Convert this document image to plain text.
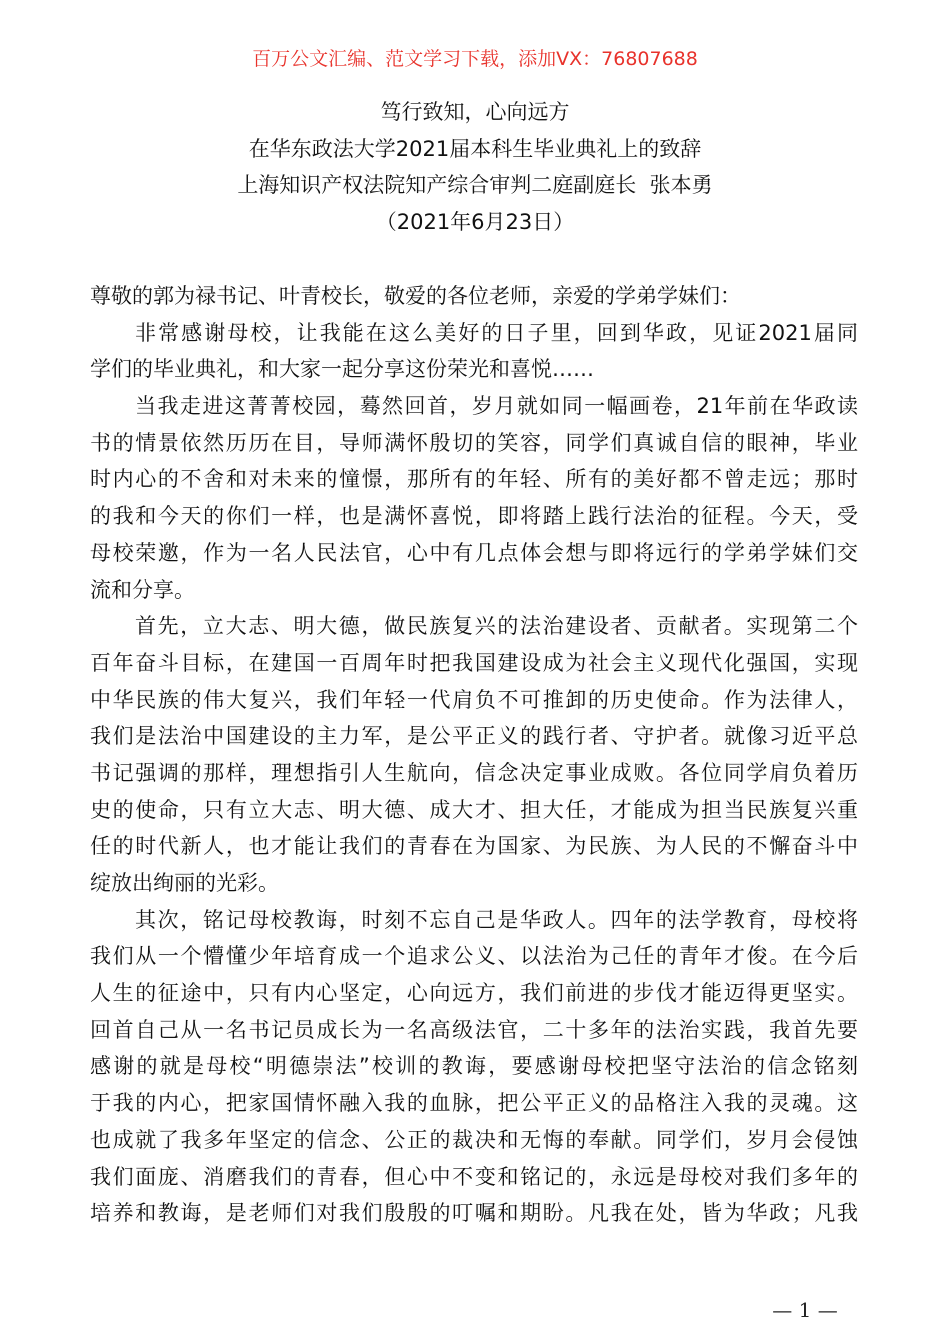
百万公文汇编、范文学习下载，添加VX：76807688
笃行致知，心向远方
在华东政法大学2021届本科生毕业典礼上的致辞
上海知识产权法院知产综合审判二庭副庭长  张本勇
（2021年6月23日）
尊敬的郭为禄书记、叶青校长，敬爱的各位老师，亲爱的学弟学妹们：
非常感谢母校，让我能在这么美好的日子里，回到华政，见证2021届同
学们的毕业典礼，和大家一起分享这份荣光和喜悦……
当我走进这菁菁校园，蓦然回首，岁月就如同一幅画卷，21年前在华政读
书的情景依然历历在目，导师满怀殷切的笑容，同学们真诚自信的眼神，毕业
时内心的不舍和对未来的憧憬，那所有的年轻、所有的美好都不曾走远；那时
的我和今天的你们一样，也是满怀喜悦，即将踏上践行法治的征程。今天，受
母校荣邀，作为一名人民法官，心中有几点体会想与即将远行的学弟学妹们交
流和分享。
首先，立大志、明大德，做民族复兴的法治建设者、贡献者。实现第二个
百年奋斗目标，在建国一百周年时把我国建设成为社会主义现代化强国，实现
中华民族的伟大复兴，我们年轻一代肩负不可推卸的历史使命。作为法律人，
我们是法治中国建设的主力军，是公平正义的践行者、守护者。就像习近平总
书记强调的那样，理想指引人生航向，信念决定事业成败。各位同学肩负着历
史的使命，只有立大志、明大德、成大才、担大任，才能成为担当民族复兴重
任的时代新人，也才能让我们的青春在为国家、为民族、为人民的不懈奋斗中
绽放出绚丽的光彩。
其次，铭记母校教诲，时刻不忘自己是华政人。四年的法学教育，母校将
我们从一个懵懂少年培育成一个追求公义、以法治为己任的青年才俊。在今后
人生的征途中，只有内心坚定，心向远方，我们前进的步伐才能迈得更坚实。
回首自己从一名书记员成长为一名高级法官，二十多年的法治实践，我首先要
感谢的就是母校“明德崇法”校训的教诲，要感谢母校把坚守法治的信念铭刻
于我的内心，把家国情怀融入我的血脉，把公平正义的品格注入我的灵魂。这
也成就了我多年坚定的信念、公正的裁决和无悔的奉献。同学们，岁月会侵蚀
我们面庞、消磨我们的青春，但心中不变和铭记的，永远是母校对我们多年的
培养和教诲，是老师们对我们殷殷的叮嘱和期盼。凡我在处，皆为华政；凡我
— 1 —
